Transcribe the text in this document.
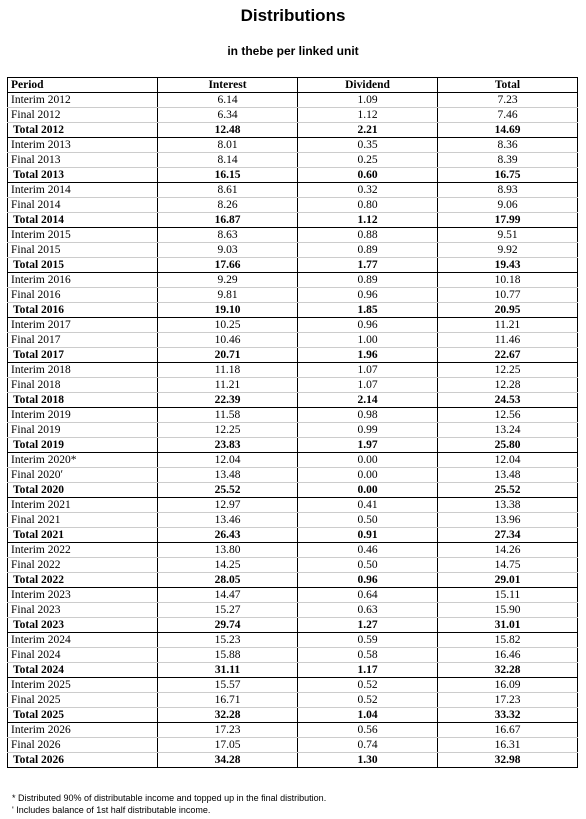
Distributions
in thebe per linked unit
Period	Interest	Dividend	Total
Interim 2012	6.14	1.09	7.23
Final 2012	6.34	1.12	7.46
Total 2012	12.48	2.21	14.69
Interim 2013	8.01	0.35	8.36
Final 2013	8.14	0.25	8.39
Total 2013	16.15	0.60	16.75
Interim 2014	8.61	0.32	8.93
Final 2014	8.26	0.80	9.06
Total 2014	16.87	1.12	17.99
Interim 2015	8.63	0.88	9.51
Final 2015	9.03	0.89	9.92
Total 2015	17.66	1.77	19.43
Interim 2016	9.29	0.89	10.18
Final 2016	9.81	0.96	10.77
Total 2016	19.10	1.85	20.95
Interim 2017	10.25	0.96	11.21
Final 2017	10.46	1.00	11.46
Total 2017	20.71	1.96	22.67
Interim 2018	11.18	1.07	12.25
Final 2018	11.21	1.07	12.28
Total 2018	22.39	2.14	24.53
Interim 2019	11.58	0.98	12.56
Final 2019	12.25	0.99	13.24
Total 2019	23.83	1.97	25.80
Interim 2020*	12.04	0.00	12.04
Final 2020ʹ	13.48	0.00	13.48
Total 2020	25.52	0.00	25.52
Interim 2021	12.97	0.41	13.38
Final 2021	13.46	0.50	13.96
Total 2021	26.43	0.91	27.34
Interim 2022	13.80	0.46	14.26
Final 2022	14.25	0.50	14.75
Total 2022	28.05	0.96	29.01
Interim 2023	14.47	0.64	15.11
Final 2023	15.27	0.63	15.90
Total 2023	29.74	1.27	31.01
Interim 2024	15.23	0.59	15.82
Final 2024	15.88	0.58	16.46
Total 2024	31.11	1.17	32.28
Interim 2025	15.57	0.52	16.09
Final 2025	16.71	0.52	17.23
Total 2025	32.28	1.04	33.32
Interim 2026	17.23	0.56	16.67
Final 2026	17.05	0.74	16.31
Total 2026	34.28	1.30	32.98
* Distributed 90% of distributable income and topped up in the final distribution.
ʹ Includes balance of 1st half distributable income.
